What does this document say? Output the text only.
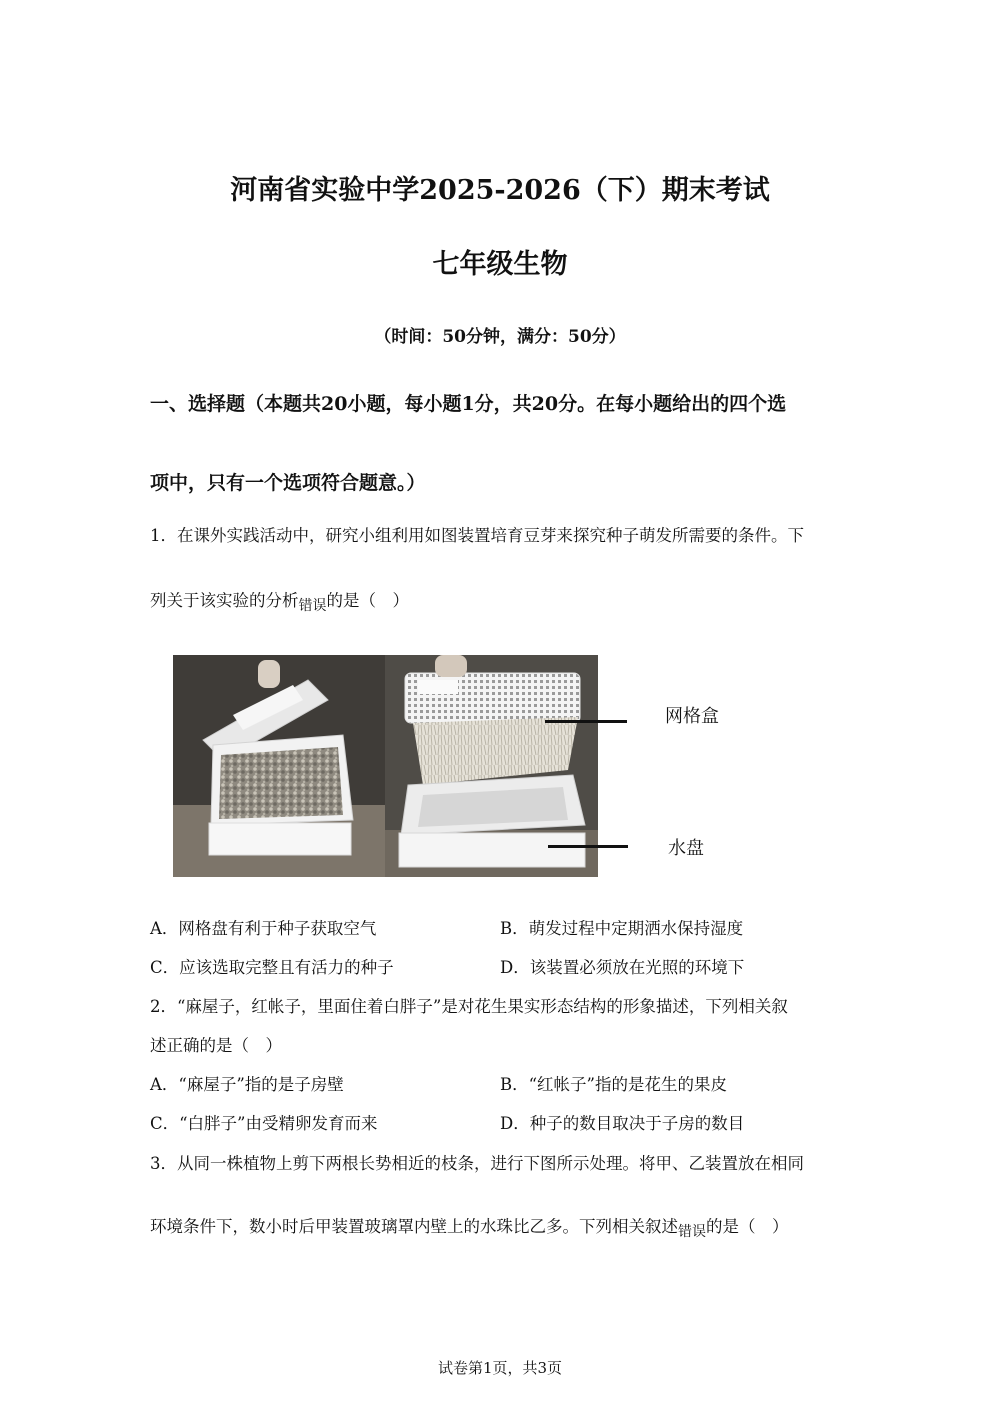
河南省实验中学2025-2026（下）期末考试
七年级生物
（时间：50分钟，满分：50分）
一、选择题（本题共20小题，每小题1分，共20分。在每小题给出的四个选
项中，只有一个选项符合题意。）
1．在课外实践活动中，研究小组利用如图装置培育豆芽来探究种子萌发所需要的条件。下
列关于该实验的分析$_{错误}$的是（　）
网格盒
水盘
A．网格盘有利于种子获取空气	B．萌发过程中定期洒水保持湿度
C．应该选取完整且有活力的种子	D．该装置必须放在光照的环境下
2．“麻屋子，红帐子，里面住着白胖子”是对花生果实形态结构的形象描述，下列相关叙
述正确的是（　）
A．“麻屋子”指的是子房壁	B．“红帐子”指的是花生的果皮
C．“白胖子”由受精卵发育而来	D．种子的数目取决于子房的数目
3．从同一株植物上剪下两根长势相近的枝条，进行下图所示处理。将甲、乙装置放在相同
环境条件下，数小时后甲装置玻璃罩内壁上的水珠比乙多。下列相关叙述$_{错误}$的是（　）
试卷第1页，共3页
